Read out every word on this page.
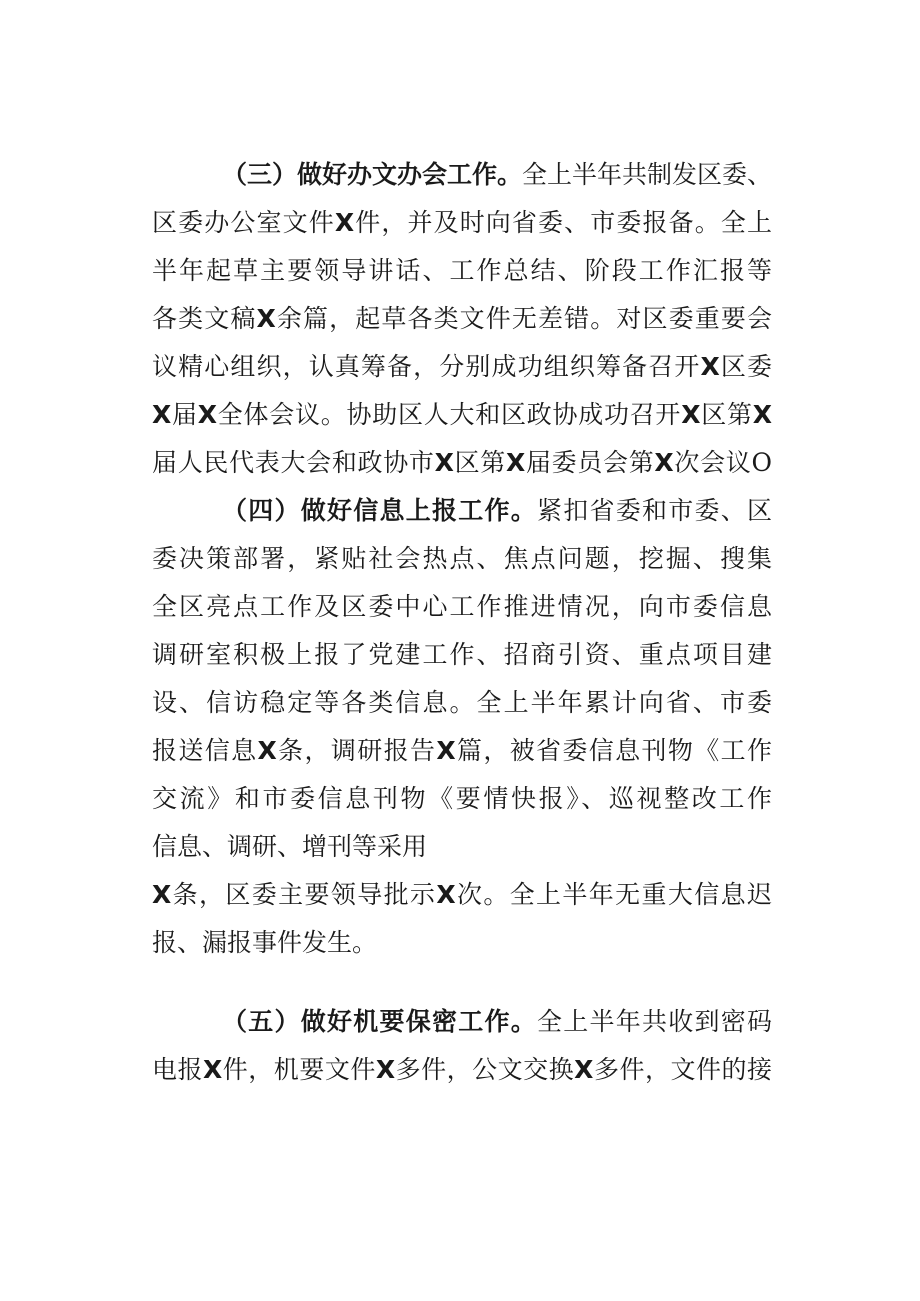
（三）做好办文办会工作。全上半年共制发区委、
区委办公室文件X件，并及时向省委、市委报备。全上
半年起草主要领导讲话、工作总结、阶段工作汇报等
各类文稿X余篇，起草各类文件无差错。对区委重要会
议精心组织，认真筹备，分别成功组织筹备召开X区委
X届X全体会议。协助区人大和区政协成功召开X区第X
届人民代表大会和政协市X区第X届委员会第X次会议O
（四）做好信息上报工作。紧扣省委和市委、区
委决策部署，紧贴社会热点、焦点问题，挖掘、搜集
全区亮点工作及区委中心工作推进情况，向市委信息
调研室积极上报了党建工作、招商引资、重点项目建
设、信访稳定等各类信息。全上半年累计向省、市委
报送信息X条，调研报告X篇，被省委信息刊物《工作
交流》和市委信息刊物《要情快报》、巡视整改工作
信息、调研、增刊等采用
X条，区委主要领导批示X次。全上半年无重大信息迟
报、漏报事件发生。
（五）做好机要保密工作。全上半年共收到密码
电报X件，机要文件X多件，公文交换X多件，文件的接
